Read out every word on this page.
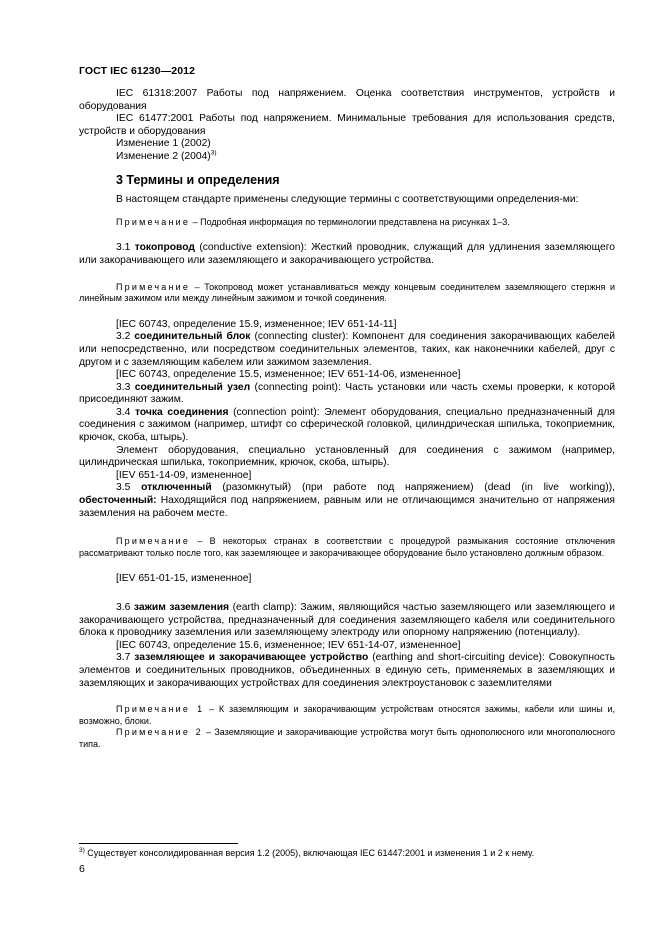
ГОСТ IEC 61230—2012

IEC 61318:2007 Работы под напряжением. Оценка соответствия инструментов, устройств и оборудования

IEC 61477:2001 Работы под напряжением. Минимальные требования для использования средств, устройств и оборудования

Изменение 1 (2002)

Изменение 2 $(2004)^{3)}$

3 Термины и определения

В настоящем стандарте применены следующие термины с соответствующими определения-ми:

Примечание – Подробная информация по терминологии представлена на рисунках 1–3.

3.1 токопровод (conductive extension): Жесткий проводник, служащий для удлинения заземляющего или закорачивающего или заземляющего и закорачивающего устройства.

Примечание – Токопровод может устанавливаться между концевым соединителем заземляющего стержня и линейным зажимом или между линейным зажимом и точкой соединения.

[IEC 60743, определение 15.9, измененное; IEV 651-14-11]

3.2 соединительный блок (connecting cluster): Компонент для соединения закорачивающих кабелей или непосредственно, или посредством соединительных элементов, таких, как наконечники кабелей, друг с другом и с заземляющим кабелем или зажимом заземления.

[IEC 60743, определение 15.5, измененное; IEV 651-14-06, измененное]

3.3 соединительный узел (connecting point): Часть установки или часть схемы проверки, к которой присоединяют зажим.

3.4 точка соединения (connection point): Элемент оборудования, специально предназначенный для соединения с зажимом (например, штифт со сферической головкой, цилиндрическая шпилька, токоприемник, крючок, скоба, штырь).

Элемент оборудования, специально установленный для соединения с зажимом (например, цилиндрическая шпилька, токоприемник, крючок, скоба, штырь).

[IEV 651-14-09, измененное]

3.5 отключенный (разомкнутый) (при работе под напряжением) (dead (in live working)), обесточенный: Находящийся под напряжением, равным или не отличающимся значительно от напряжения заземления на рабочем месте.

Примечание – В некоторых странах в соответствии с процедурой размыкания состояние отключения рассматривают только после того, как заземляющее и закорачивающее оборудование было установлено должным образом.

[IEV 651-01-15, измененное]

3.6 зажим заземления (earth clamp): Зажим, являющийся частью заземляющего или заземляющего и закорачивающего устройства, предназначенный для соединения заземляющего кабеля или соединительного блока к проводнику заземления или заземляющему электроду или опорному напряжению (потенциалу).

[IEC 60743, определение 15.6, измененное; IEV 651-14-07, измененное]

3.7 заземляющее и закорачивающее устройство (earthing and short-circuiting device): Совокупность элементов и соединительных проводников, объединенных в единую сеть, применяемых в заземляющих и заземляющих и закорачивающих устройствах для соединения электроустановок с заземлителями

Примечание 1 – К заземляющим и закорачивающим устройствам относятся зажимы, кабели или шины и, возможно, блоки.

Примечание 2 – Заземляющие и закорачивающие устройства могут быть однополюсного или многополюсного типа.

$^{3)}$ Существует консолидированная версия 1.2 (2005), включающая IEC 61447:2001 и изменения 1 и 2 к нему.
6
